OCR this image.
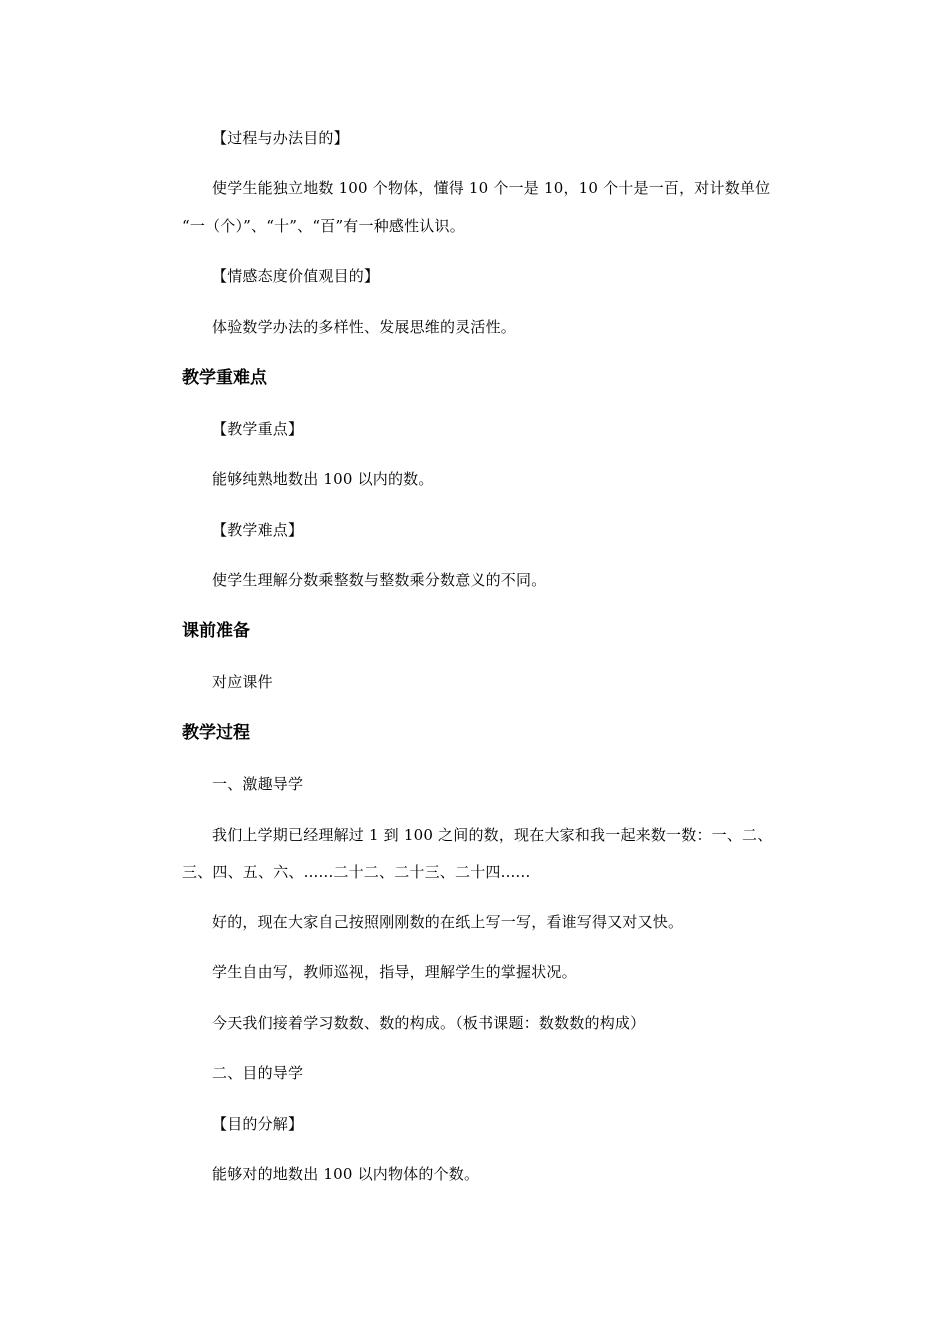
【过程与办法目的】
使学生能独立地数 100 个物体，懂得 10 个一是 10，10 个十是一百，对计数单位
“一（个）”、“十”、“百”有一种感性认识。
【情感态度价值观目的】
体验数学办法的多样性、发展思维的灵活性。
教学重难点
【教学重点】
能够纯熟地数出 100 以内的数。
【教学难点】
使学生理解分数乘整数与整数乘分数意义的不同。
课前准备
对应课件
教学过程
一、激趣导学
我们上学期已经理解过 1 到 100 之间的数，现在大家和我一起来数一数：一、二、
三、四、五、六、......二十二、二十三、二十四......
好的，现在大家自己按照刚刚数的在纸上写一写，看谁写得又对又快。
学生自由写，教师巡视，指导，理解学生的掌握状况。
今天我们接着学习数数、数的构成。（板书课题：数数数的构成）
二、目的导学
【目的分解】
能够对的地数出 100 以内物体的个数。
